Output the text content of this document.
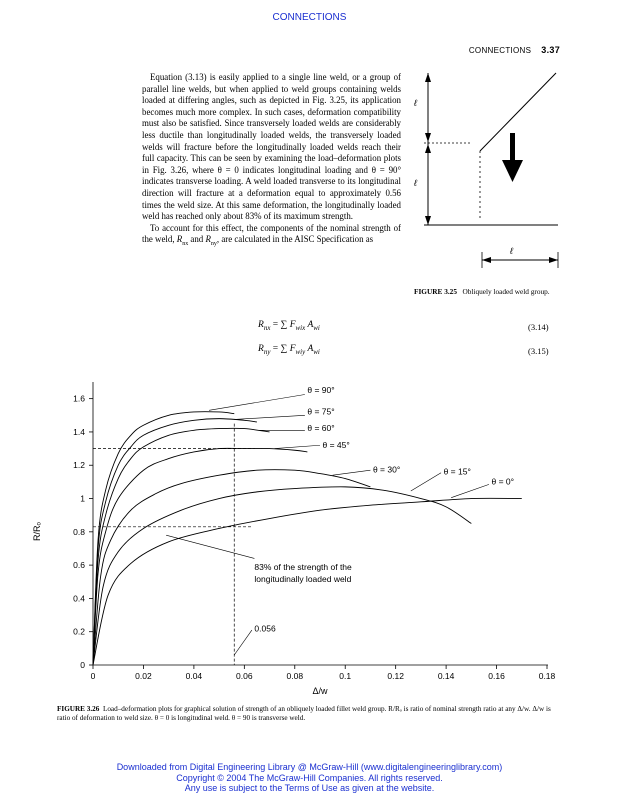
CONNECTIONS
CONNECTIONS 3.37

Equation (3.13) is easily applied to a single line weld, or a group of parallel line welds, but when applied to weld groups containing welds loaded at differing angles, such as depicted in Fig. 3.25, its application becomes much more complex. In such cases, deformation compatibility must also be satisfied. Since transversely loaded welds are considerably less ductile than longitudinally loaded welds, the transversely loaded welds will fracture before the longitudinally loaded welds reach their full capacity. This can be seen by examining the load–deformation plots in Fig. 3.26, where θ = 0 indicates longitudinal loading and θ = 90° indicates transverse loading. A weld loaded transverse to its longitudinal direction will fracture at a deformation equal to approximately 0.56 times the weld size. At this same deformation, the longitudinally loaded weld has reached only about 83% of its maximum strength.

To account for this effect, the components of the nominal strength of the weld, $R_{nx}$ and $R_{ny}$, are calculated in the AISC Specification as

ℓ
ℓ
ℓ
FIGURE 3.25 Obliquely loaded weld group.
$R_{nx}$ = ∑ $F_{wix}$ $A_{wi}$	(3.14)
$R_{ny}$ = ∑ $F_{wiy}$ $A_{wi}$	(3.15)
0	0.02	0.04	0.06	0.08	0.1	0.12	0.14	0.16	0.18
0
0.2
0.4
0.6
0.8
1
1.2
1.4
1.6
Δ/w
R/Rₒ
θ = 90°
θ = 75°
θ = 60°
θ = 45°
θ = 30°	θ = 15°
θ = 0°
83% of the strength of the
longitudinally loaded weld
0.056
FIGURE 3.26 Load–deformation plots for graphical solution of strength of an obliquely loaded fillet weld group. R/Rₒ is ratio of nominal strength ratio at any Δ/w. Δ/w is ratio of deformation to weld size. θ = 0 is longitudinal weld. θ = 90 is transverse weld.
Downloaded from Digital Engineering Library @ McGraw-Hill (www.digitalengineeringlibrary.com)
Copyright © 2004 The McGraw-Hill Companies. All rights reserved.
Any use is subject to the Terms of Use as given at the website.
